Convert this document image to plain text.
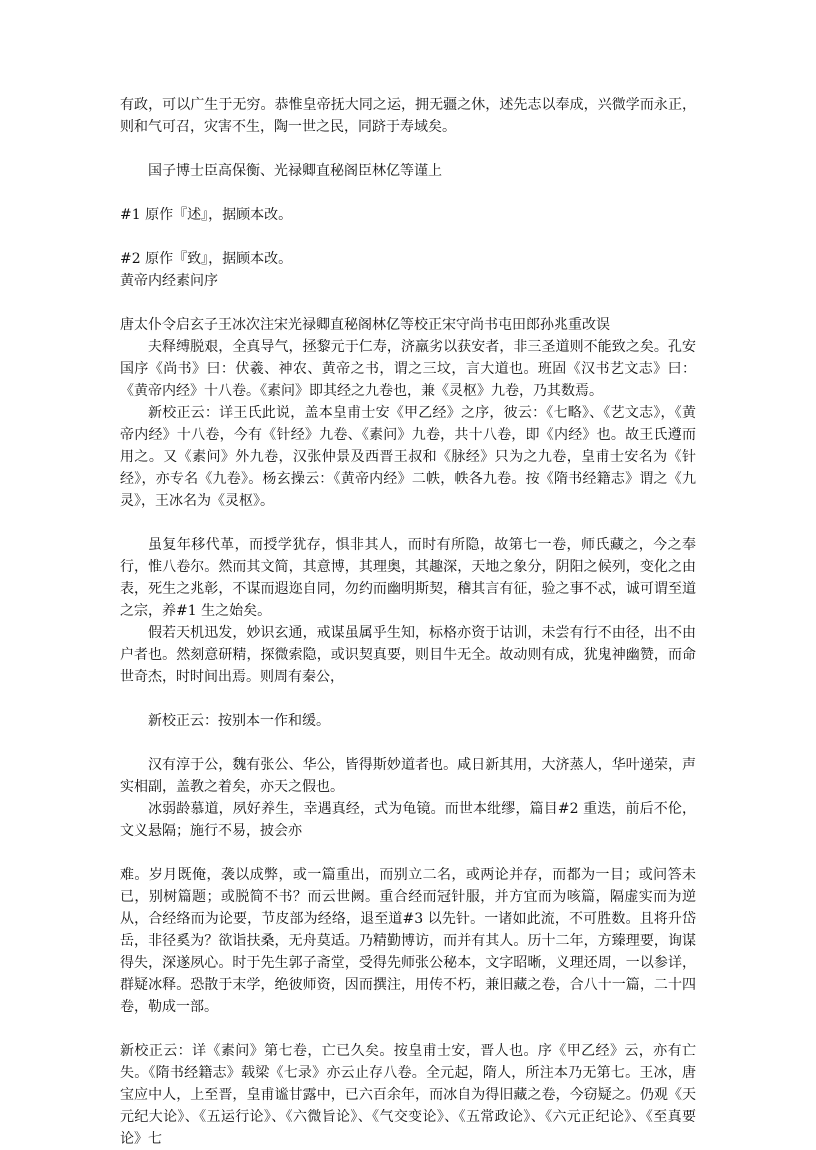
有政，可以广生于无穷。恭惟皇帝抚大同之运，拥无疆之休，述先志以奉成，兴微学而永正，则和气可召，灾害不生，陶一世之民，同跻于寿域矣。

国子博士臣高保衡、光禄卿直秘阁臣林亿等谨上

#1 原作『述』，据顾本改。

#2 原作『致』，据顾本改。

黄帝内经素问序

唐太仆令启玄子王冰次注宋光禄卿直秘阁林亿等校正宋守尚书屯田郎孙兆重改误

夫释缚脱艰，全真导气，拯黎元于仁寿，济羸劣以获安者，非三圣道则不能致之矣。孔安国序《尚书》曰：伏羲、神农、黄帝之书，谓之三坟，言大道也。班固《汉书艺文志》曰：《黄帝内经》十八卷。《素问》即其经之九卷也，兼《灵枢》九卷，乃其数焉。

新校正云：详王氏此说，盖本皇甫士安《甲乙经》之序，彼云：《七略》、《艺文志》，《黄帝内经》十八卷，今有《针经》九卷、《素问》九卷，共十八卷，即《内经》也。故王氏遵而用之。又《素问》外九卷，汉张仲景及西晋王叔和《脉经》只为之九卷，皇甫士安名为《针经》，亦专名《九卷》。杨玄操云：《黄帝内经》二帙，帙各九卷。按《隋书经籍志》谓之《九灵》，王冰名为《灵枢》。

虽复年移代革，而授学犹存，惧非其人，而时有所隐，故第七一卷，师氏藏之，今之奉行，惟八卷尔。然而其文简，其意博，其理奥，其趣深，天地之象分，阴阳之候列，变化之由表，死生之兆彰，不谋而遐迩自同，勿约而幽明斯契，稽其言有征，验之事不忒，诚可谓至道之宗，养#1 生之始矣。

假若天机迅发，妙识玄通，戒谋虽属乎生知，标格亦资于诂训，未尝有行不由径，出不由户者也。然刻意研精，探微索隐，或识契真要，则目牛无全。故动则有成，犹鬼神幽赞，而命世奇杰，时时间出焉。则周有秦公，

新校正云：按别本一作和缓。

汉有淳于公，魏有张公、华公，皆得斯妙道者也。咸日新其用，大济蒸人，华叶递荣，声实相副，盖教之着矣，亦天之假也。

冰弱龄慕道，夙好养生，幸遇真经，式为龟镜。而世本纰缪，篇目#2 重迭，前后不伦，文义悬隔；施行不易，披会亦

难。岁月既俺，袭以成弊，或一篇重出，而别立二名，或两论并存，而都为一目；或问答未已，别树篇题；或脱简不书？而云世阙。重合经而冠针服，并方宜而为咳篇，隔虚实而为逆从，合经络而为论要，节皮部为经络，退至道#3 以先针。一诸如此流，不可胜数。且将升岱岳，非径奚为？欲诣扶桑，无舟莫适。乃精勤博访，而并有其人。历十二年，方臻理要，询谋得失，深遂夙心。时于先生郭子斋堂，受得先师张公秘本，文字昭晰，义理还周，一以参详，群疑冰释。恐散于末学，绝彼师资，因而撰注，用传不朽，兼旧藏之卷，合八十一篇，二十四卷，勒成一部。

新校正云：详《素问》第七卷，亡已久矣。按皇甫士安，晋人也。序《甲乙经》云，亦有亡失。《隋书经籍志》载梁《七录》亦云止存八卷。全元起，隋人，所注本乃无第七。王冰，唐宝应中人，上至晋，皇甫谧甘露中，已六百余年，而冰自为得旧藏之卷，今窃疑之。仍观《天元纪大论》、《五运行论》、《六微旨论》、《气交变论》、《五常政论》、《六元正纪论》、《至真要论》七
